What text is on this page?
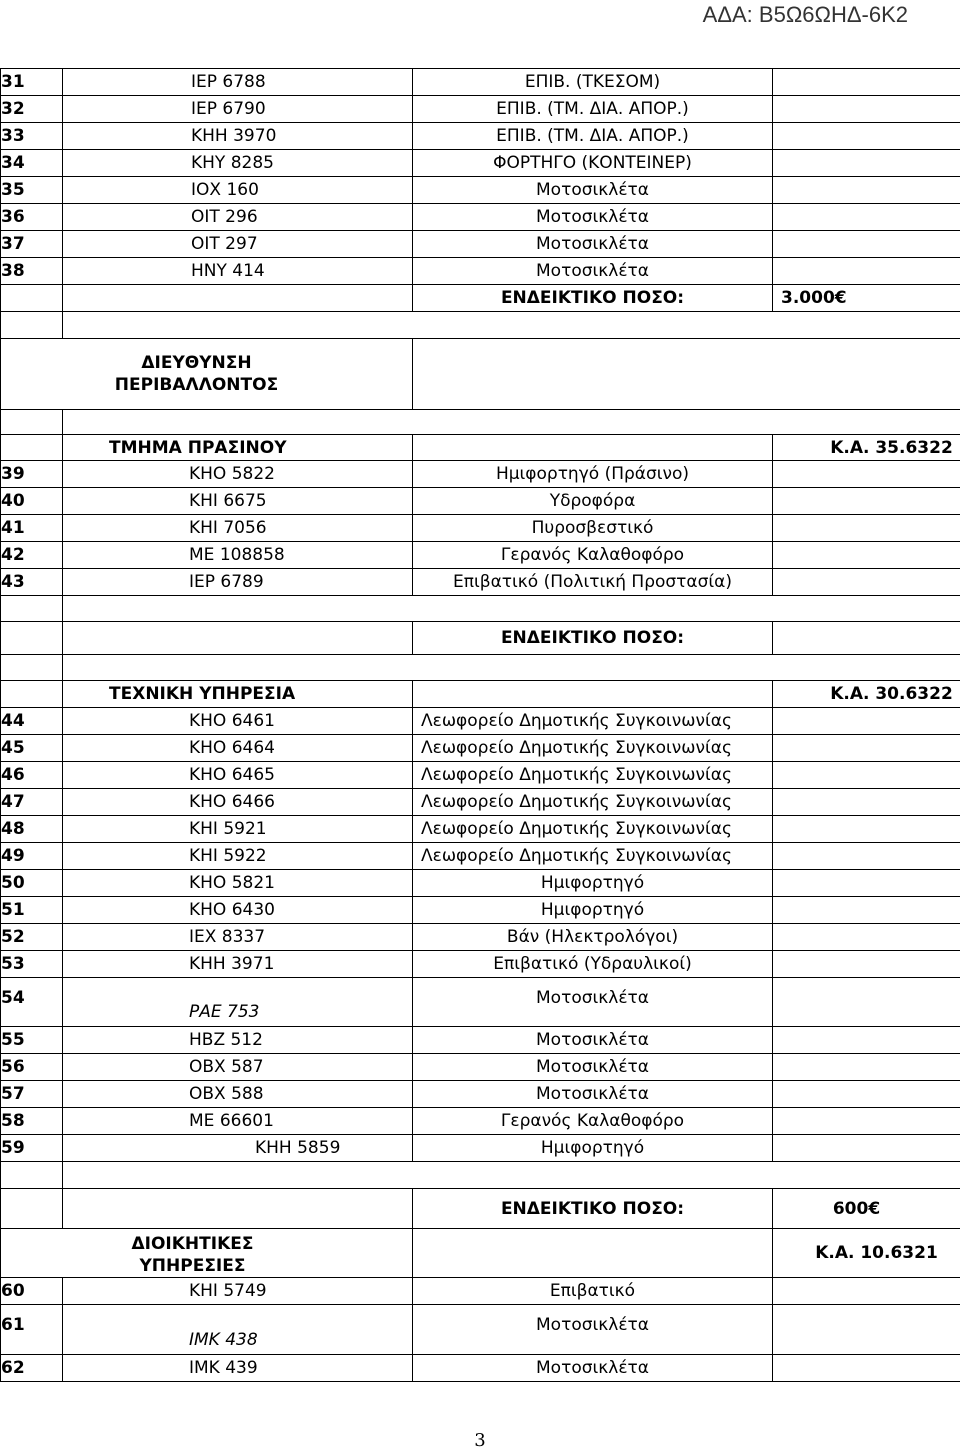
ΑΔΑ: Β5Ω6ΩΗΔ-6Κ2
31	ΙΕΡ 6788	ΕΠΙΒ. (ΤΚΕΣΟΜ)	
32	ΙΕΡ 6790	ΕΠΙΒ. (ΤΜ. ΔΙΑ. ΑΠΟΡ.)	
33	ΚΗΗ 3970	ΕΠΙΒ. (ΤΜ. ΔΙΑ. ΑΠΟΡ.)	
34	ΚΗΥ 8285	ΦΟΡΤΗΓΟ (ΚΟΝΤΕΙΝΕΡ)	
35	ΙΟΧ 160	Μοτοσικλέτα	
36	ΟΙΤ 296	Μοτοσικλέτα	
37	ΟΙΤ 297	Μοτοσικλέτα	
38	ΗΝΥ 414	Μοτοσικλέτα	
		ΕΝΔΕΙΚΤΙΚΟ ΠΟΣΟ:	3.000€

ΔΙΕΥΘΥΝΣΗ
ΠΕΡΙΒΑΛΛΟΝΤΟΣ			

	ΤΜΗΜΑ ΠΡΑΣΙΝΟΥ		Κ.Α. 35.6322
39	ΚΗΟ 5822	Ημιφορτηγό (Πράσινο)	
40	ΚΗΙ 6675	Υδροφόρα	
41	ΚΗΙ 7056	Πυροσβεστικό	
42	ΜΕ 108858	Γερανός Καλαθοφόρο	
43	ΙΕΡ 6789	Επιβατικό (Πολιτική Προστασία)	

		ΕΝΔΕΙΚΤΙΚΟ ΠΟΣΟ:	

	ΤΕΧΝΙΚΗ ΥΠΗΡΕΣΙΑ		Κ.Α. 30.6322
44	ΚΗΟ 6461	Λεωφορείο Δημοτικής Συγκοινωνίας	
45	ΚΗΟ 6464	Λεωφορείο Δημοτικής Συγκοινωνίας	
46	ΚΗΟ 6465	Λεωφορείο Δημοτικής Συγκοινωνίας	
47	ΚΗΟ 6466	Λεωφορείο Δημοτικής Συγκοινωνίας	
48	ΚΗΙ 5921	Λεωφορείο Δημοτικής Συγκοινωνίας	
49	ΚΗΙ 5922	Λεωφορείο Δημοτικής Συγκοινωνίας	
50	ΚΗΟ 5821	Ημιφορτηγό	
51	ΚΗΟ 6430	Ημιφορτηγό	
52	ΙΕΧ 8337	Βάν (Ηλεκτρολόγοι)	
53	ΚΗΗ 3971	Επιβατικό (Υδραυλικοί)	
54	ΡΑΕ 753	Μοτοσικλέτα	
55	ΗΒΖ 512	Μοτοσικλέτα	
56	ΟΒΧ 587	Μοτοσικλέτα	
57	ΟΒΧ 588	Μοτοσικλέτα	
58	ΜΕ 66601	Γερανός Καλαθοφόρο	
59	ΚΗΗ 5859	Ημιφορτηγό	

		ΕΝΔΕΙΚΤΙΚΟ ΠΟΣΟ:	600€
ΔΙΟΙΚΗΤΙΚΕΣ
ΥΠΗΡΕΣΙΕΣ			Κ.Α. 10.6321
60	ΚΗΙ 5749	Επιβατικό	
61	ΙΜΚ 438	Μοτοσικλέτα	
62	ΙΜΚ 439	Μοτοσικλέτα	
3
